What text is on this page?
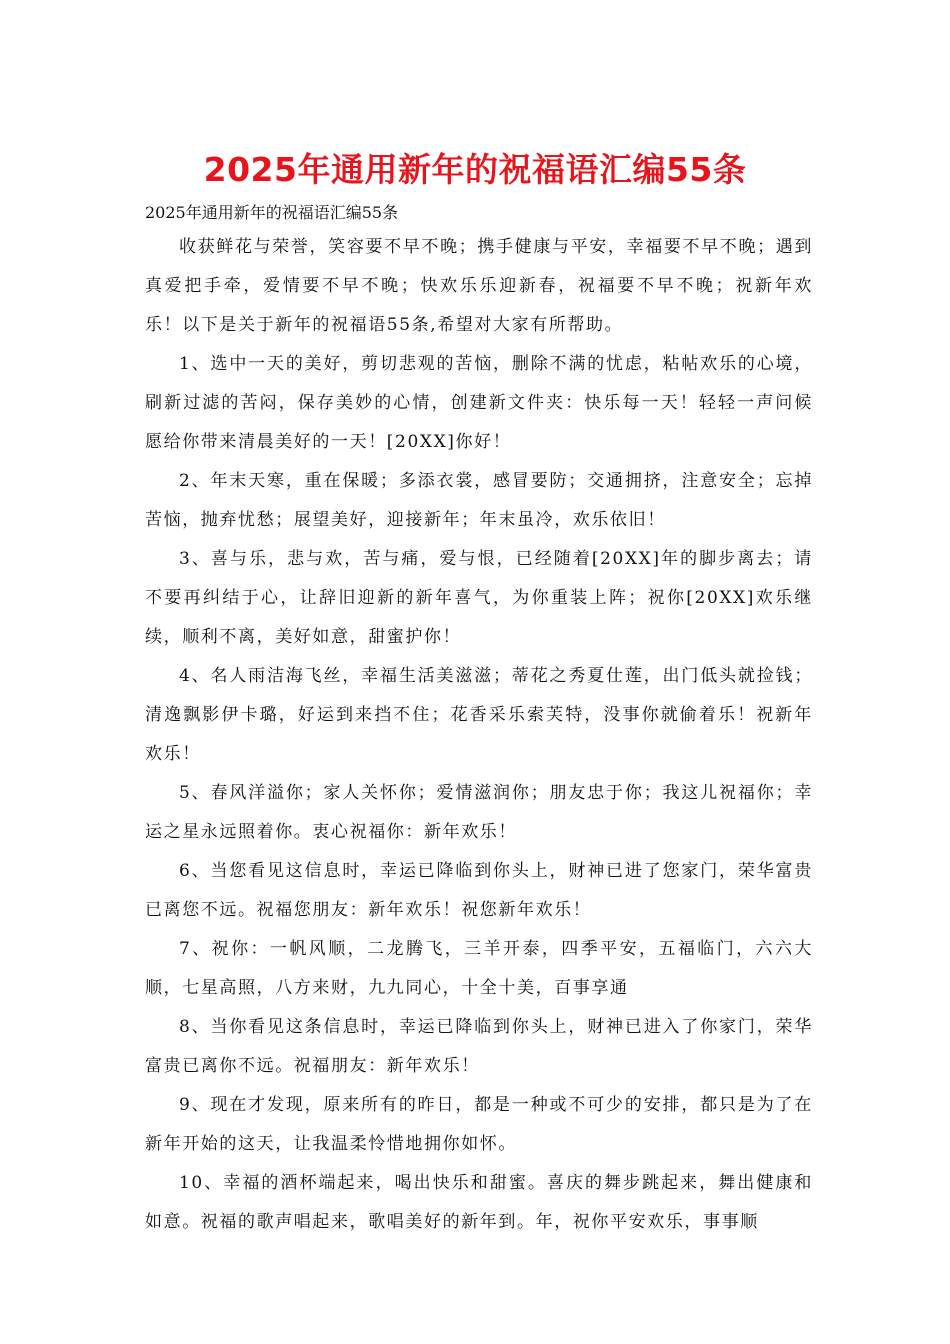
2025年通用新年的祝福语汇编55条

2025年通用新年的祝福语汇编55条

收获鲜花与荣誉，笑容要不早不晚；携手健康与平安，幸福要不早不晚；遇到真爱把手牵，爱情要不早不晚；快欢乐乐迎新春，祝福要不早不晚；祝新年欢乐！以下是关于新年的祝福语55条,希望对大家有所帮助。

1、选中一天的美好，剪切悲观的苦恼，删除不满的忧虑，粘帖欢乐的心境，刷新过滤的苦闷，保存美妙的心情，创建新文件夹：快乐每一天！轻轻一声问候愿给你带来清晨美好的一天！[20XX]你好！

2、年末天寒，重在保暖；多添衣裳，感冒要防；交通拥挤，注意安全；忘掉苦恼，抛弃忧愁；展望美好，迎接新年；年末虽冷，欢乐依旧！

3、喜与乐，悲与欢，苦与痛，爱与恨，已经随着[20XX]年的脚步离去；请不要再纠结于心，让辞旧迎新的新年喜气，为你重装上阵；祝你[20XX]欢乐继续，顺利不离，美好如意，甜蜜护你！

4、名人雨洁海飞丝，幸福生活美滋滋；蒂花之秀夏仕莲，出门低头就捡钱；清逸飘影伊卡璐，好运到来挡不住；花香采乐索芙特，没事你就偷着乐！祝新年欢乐！

5、春风洋溢你；家人关怀你；爱情滋润你；朋友忠于你；我这儿祝福你；幸运之星永远照着你。衷心祝福你：新年欢乐！

6、当您看见这信息时，幸运已降临到你头上，财神已进了您家门，荣华富贵已离您不远。祝福您朋友：新年欢乐！祝您新年欢乐！

7、祝你：一帆风顺，二龙腾飞，三羊开泰，四季平安，五福临门，六六大顺，七星高照，八方来财，九九同心，十全十美，百事享通

8、当你看见这条信息时，幸运已降临到你头上，财神已进入了你家门，荣华富贵已离你不远。祝福朋友：新年欢乐！

9、现在才发现，原来所有的昨日，都是一种或不可少的安排，都只是为了在新年开始的这天，让我温柔怜惜地拥你如怀。

10、幸福的酒杯端起来，喝出快乐和甜蜜。喜庆的舞步跳起来，舞出健康和如意。祝福的歌声唱起来，歌唱美好的新年到。年，祝你平安欢乐，事事顺
